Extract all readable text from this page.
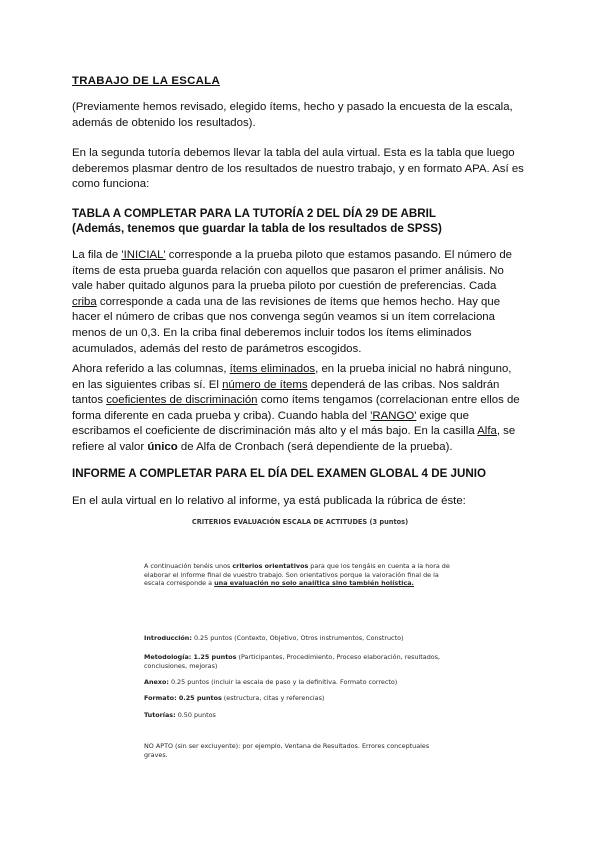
TRABAJO DE LA ESCALA

(Previamente hemos revisado, elegido ítems, hecho y pasado la encuesta de la escala, además de obtenido los resultados).

En la segunda tutoría debemos llevar la tabla del aula virtual. Esta es la tabla que luego deberemos plasmar dentro de los resultados de nuestro trabajo, y en formato APA. Así es como funciona:

TABLA A COMPLETAR PARA LA TUTORÍA 2 DEL DÍA 29 DE ABRIL
(Además, tenemos que guardar la tabla de los resultados de SPSS)

La fila de 'INICIAL' corresponde a la prueba piloto que estamos pasando. El número de ítems de esta prueba guarda relación con aquellos que pasaron el primer análisis. No vale haber quitado algunos para la prueba piloto por cuestión de preferencias. Cada criba corresponde a cada una de las revisiones de ítems que hemos hecho. Hay que hacer el número de cribas que nos convenga según veamos si un ítem correlaciona menos de un 0,3. En la criba final deberemos incluir todos los ítems eliminados acumulados, además del resto de parámetros escogidos.

Ahora referido a las columnas, ítems eliminados, en la prueba inicial no habrá ninguno, en las siguientes cribas sí. El número de ítems dependerá de las cribas. Nos saldrán tantos coeficientes de discriminación como ítems tengamos (correlacionan entre ellos de forma diferente en cada prueba y criba). Cuando habla del 'RANGO' exige que escribamos el coeficiente de discriminación más alto y el más bajo. En la casilla Alfa, se refiere al valor único de Alfa de Cronbach (será dependiente de la prueba).

INFORME A COMPLETAR PARA EL DÍA DEL EXAMEN GLOBAL 4 DE JUNIO

En el aula virtual en lo relativo al informe, ya está publicada la rúbrica de éste:

CRITERIOS EVALUACIÓN ESCALA DE ACTITUDES (3 puntos)

A continuación tenéis unos criterios orientativos para que los tengáis en cuenta a la hora de elaborar el informe final de vuestro trabajo. Son orientativos porque la valoración final de la escala corresponde a una evaluación no solo analítica sino también holística.

Introducción: 0.25 puntos (Contexto, Objetivo, Otros instrumentos, Constructo)

Metodología: 1.25 puntos (Participantes, Procedimiento, Proceso elaboración, resultados, conclusiones, mejoras)

Anexo: 0.25 puntos (incluir la escala de paso y la definitiva. Formato correcto)

Formato: 0.25 puntos (estructura, citas y referencias)

Tutorías: 0.50 puntos

NO APTO (sin ser excluyente): por ejemplo, Ventana de Resultados. Errores conceptuales graves.
